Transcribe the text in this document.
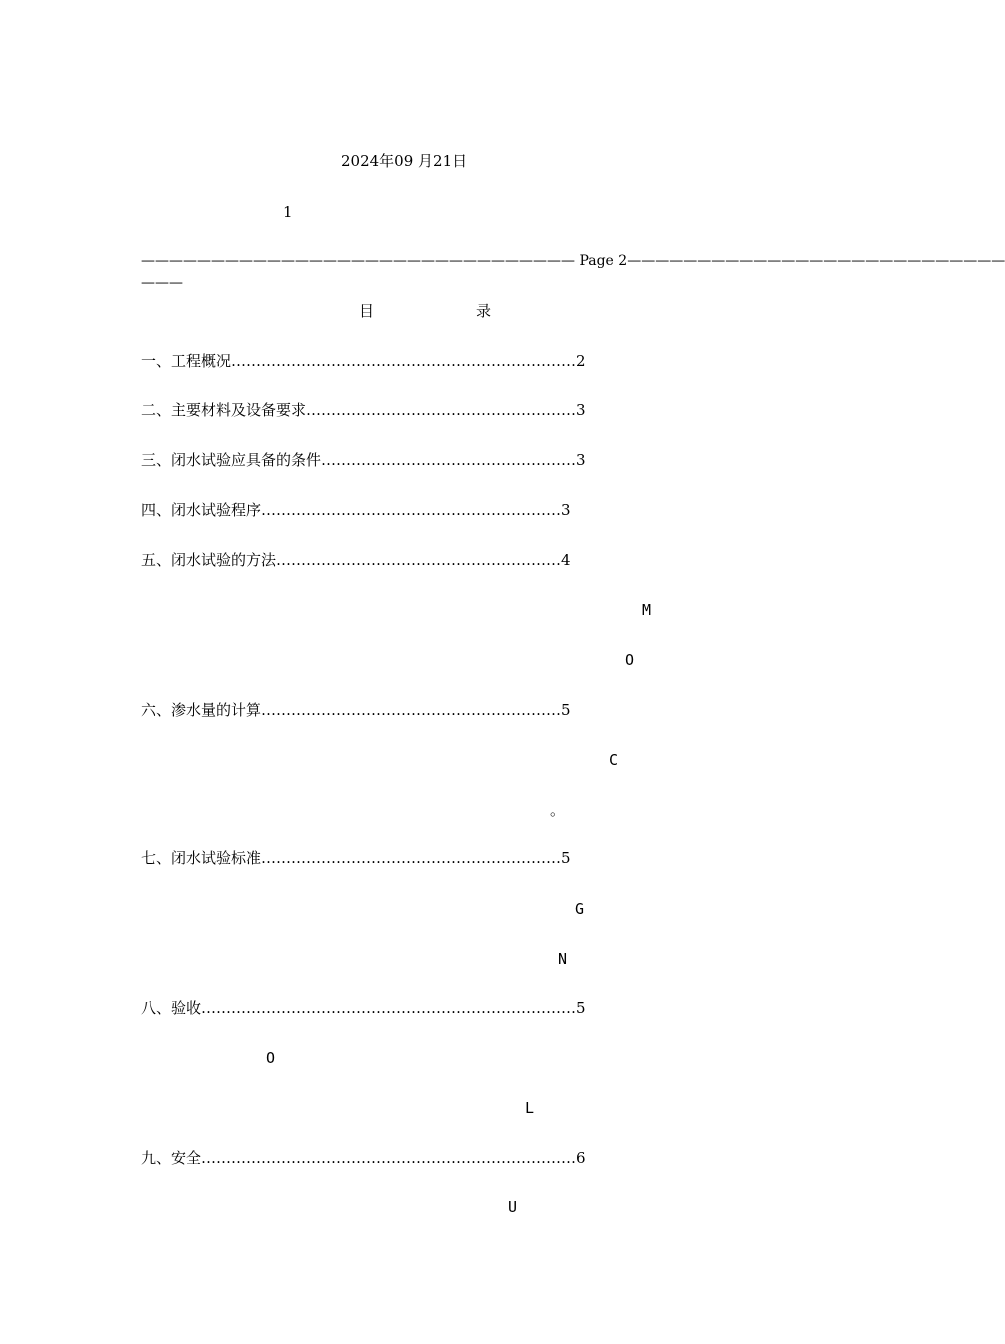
2024年09 月21日
1
——————————————————————————————— Page 2———————————————————————————
———
目	录
一、工程概况……………………………………………………………2
二、主要材料及设备要求………………………………………………3
三、闭水试验应具备的条件……………………………………………3
四、闭水试验程序……………………………………………………3
五、闭水试验的方法…………………………………………………4
M
O
六、渗水量的计算……………………………………………………5
C
。
七、闭水试验标准……………………………………………………5
G
N
八、验收…………………………………………………………………5
O
L
九、安全…………………………………………………………………6
U
